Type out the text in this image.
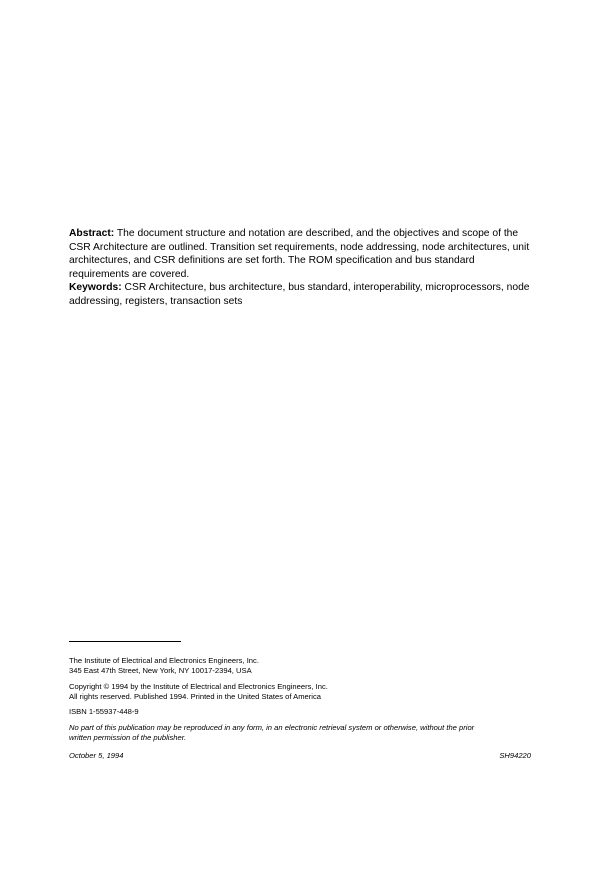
Abstract: The document structure and notation are described, and the objectives and scope of the CSR Architecture are outlined. Transition set requirements, node addressing, node architectures, unit architectures, and CSR definitions are set forth. The ROM specification and bus standard requirements are covered.

Keywords: CSR Architecture, bus architecture, bus standard, interoperability, microprocessors, node addressing, registers, transaction sets

The Institute of Electrical and Electronics Engineers, Inc.
345 East 47th Street, New York, NY 10017-2394, USA

Copyright © 1994 by the Institute of Electrical and Electronics Engineers, Inc.
All rights reserved. Published 1994. Printed in the United States of America

ISBN 1-55937-448-9

No part of this publication may be reproduced in any form, in an electronic retrieval system or otherwise, without the prior
written permission of the publisher.

October 5, 1994	SH94220
